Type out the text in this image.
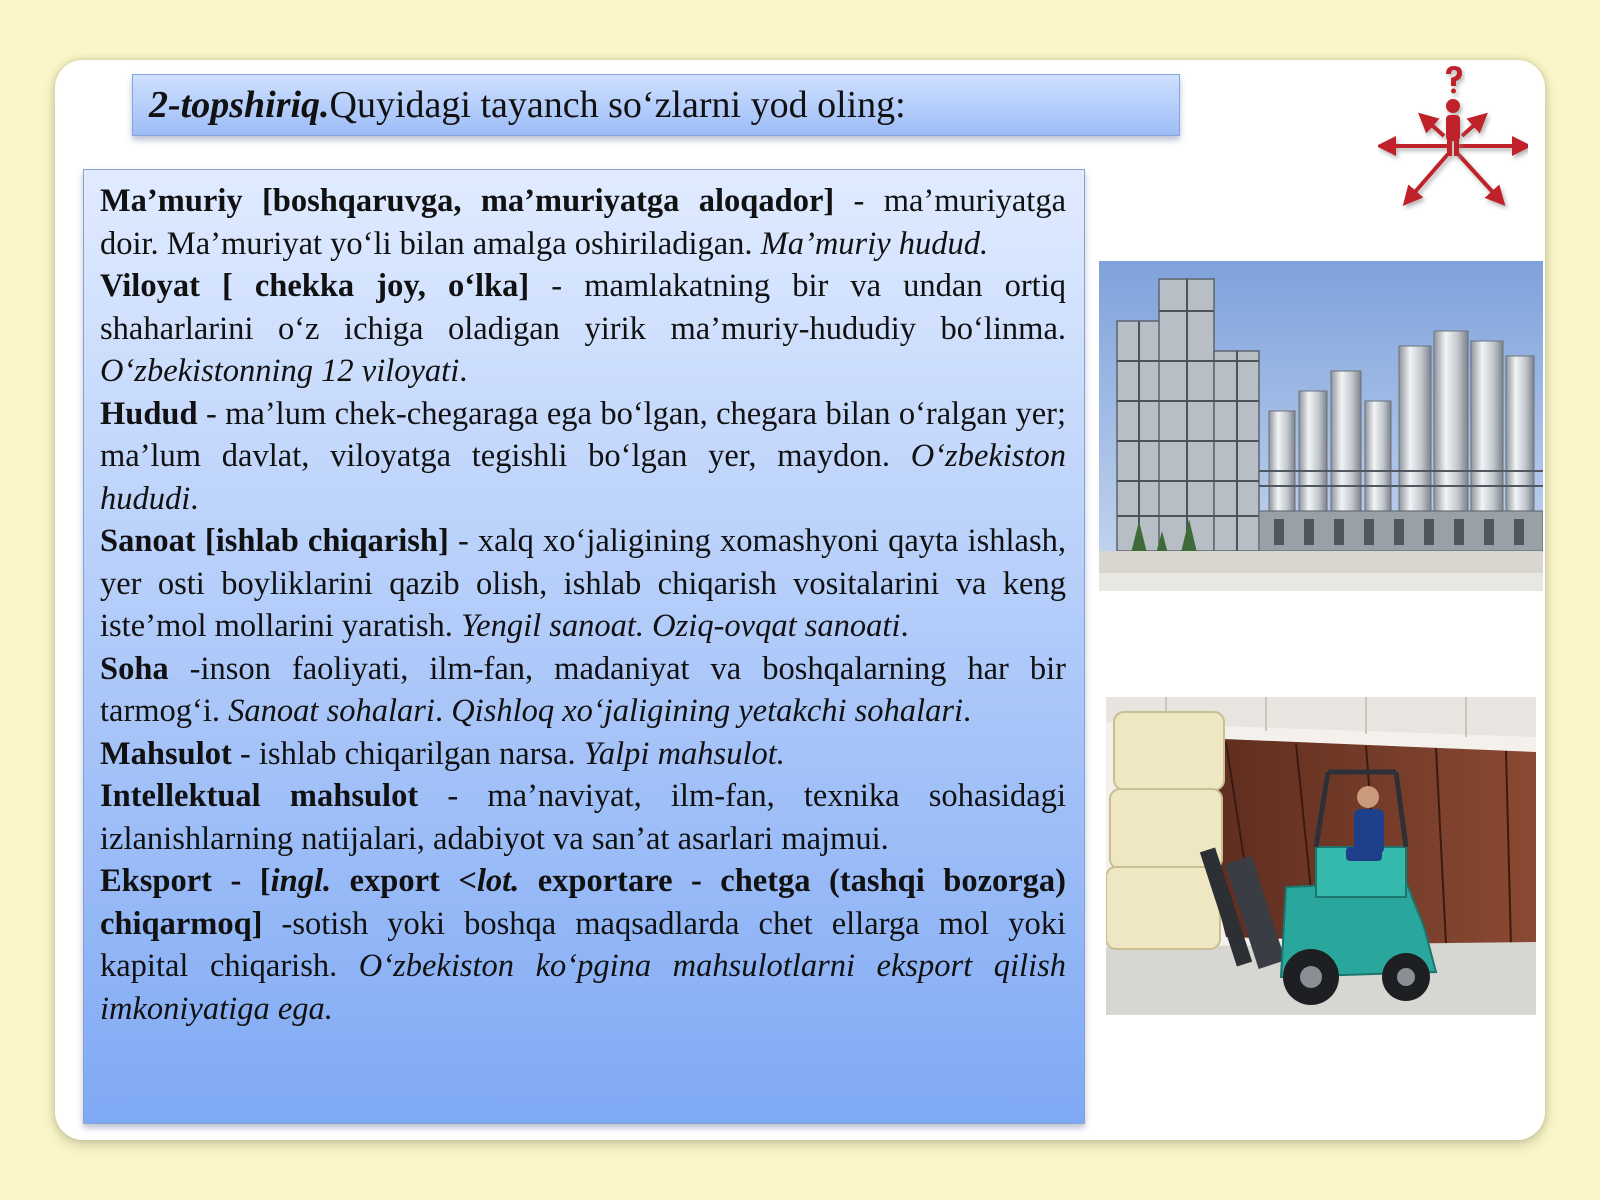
2-topshiriq. Quyidagi tayanch so‘zlarni yod oling:

Ma’muriy [boshqaruvga, ma’muriyatga aloqador] - ma’muriyatga doir. Ma’muriyat yo‘li bilan amalga oshiriladigan. Ma’muriy hudud.

Viloyat [ chekka joy, o‘lka] - mamlakatning bir va undan ortiq shaharlarini o‘z ichiga oladigan yirik ma’muriy-hududiy bo‘linma. O‘zbekistonning 12 viloyati.

Hudud - ma’lum chek-chegaraga ega bo‘lgan, chegara bilan o‘ralgan yer; ma’lum davlat, viloyatga tegishli bo‘lgan yer, maydon. O‘zbekiston hududi.

Sanoat [ishlab chiqarish] - xalq xo‘jaligining xomashyoni qayta ishlash, yer osti boyliklarini qazib olish, ishlab chiqarish vositalarini va keng iste’mol mollarini yaratish. Yengil sanoat. Oziq-ovqat sanoati.

Soha -inson faoliyati, ilm-fan, madaniyat va boshqalarning har bir tarmog‘i. Sanoat sohalari. Qishloq xo‘jaligining yetakchi sohalari.

Mahsulot - ishlab chiqarilgan narsa. Yalpi mahsulot.

Intellektual mahsulot - ma’naviyat, ilm-fan, texnika sohasidagi izlanishlarning natijalari, adabiyot va san’at asarlari majmui.

Eksport - [ingl. export <lot. exportare - chetga (tashqi bozorga) chiqarmoq] -sotish yoki boshqa maqsadlarda chet ellarga mol yoki kapital chiqarish. O‘zbekiston ko‘pgina mahsulotlarni eksport qilish imkoniyatiga ega.
